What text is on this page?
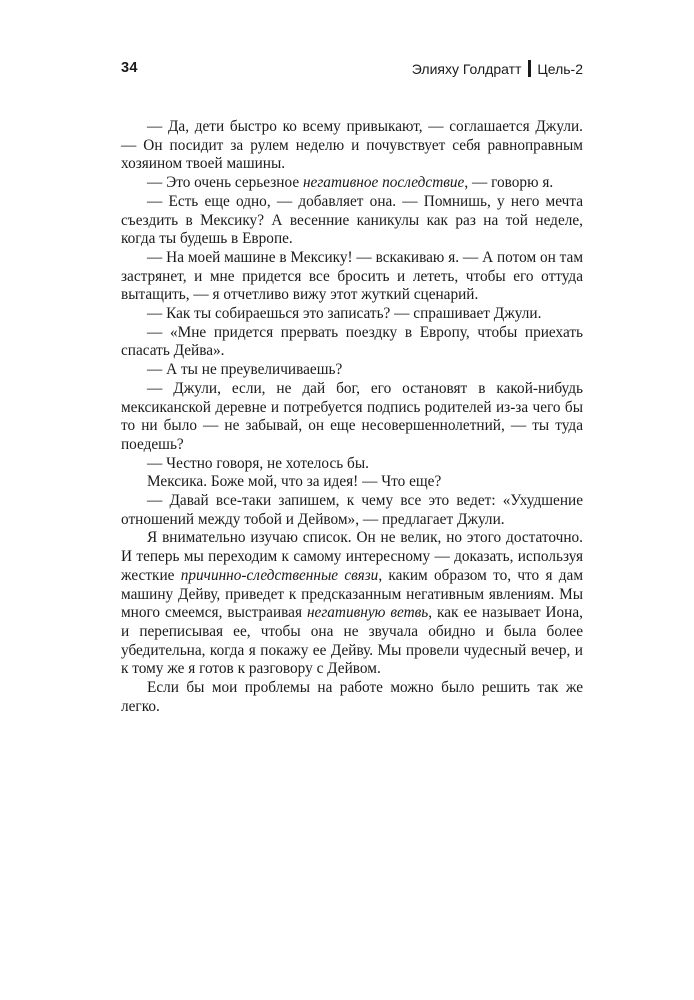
34	Элияху Голдратт Цель-2

— Да, дети быстро ко всему привыкают, — соглашается Джули. — Он посидит за рулем неделю и почувствует себя равноправным хозяином твоей машины.

— Это очень серьезное негативное последствие, — говорю я.

— Есть еще одно, — добавляет она. — Помнишь, у него мечта съездить в Мексику? А весенние каникулы как раз на той неделе, когда ты будешь в Европе.

— На моей машине в Мексику! — вскакиваю я. — А потом он там застрянет, и мне придется все бросить и лететь, чтобы его оттуда вытащить, — я отчетливо вижу этот жуткий сценарий.

— Как ты собираешься это записать? — спрашивает Джули.

— «Мне придется прервать поездку в Европу, чтобы приехать спасать Дейва».

— А ты не преувеличиваешь?

— Джули, если, не дай бог, его остановят в какой-нибудь мексиканской деревне и потребуется подпись родителей из-за чего бы то ни было — не забывай, он еще несовершеннолетний, — ты туда поедешь?

— Честно говоря, не хотелось бы.

Мексика. Боже мой, что за идея! — Что еще?

— Давай все-таки запишем, к чему все это ведет: «Ухудшение отношений между тобой и Дейвом», — предлагает Джули.

Я внимательно изучаю список. Он не велик, но этого достаточно. И теперь мы переходим к самому интересному — доказать, используя жесткие причинно-следственные связи, каким образом то, что я дам машину Дейву, приведет к предсказанным негативным явлениям. Мы много смеемся, выстраивая негативную ветвь, как ее называет Иона, и переписывая ее, чтобы она не звучала обидно и была более убедительна, когда я покажу ее Дейву. Мы провели чудесный вечер, и к тому же я готов к разговору с Дейвом.

Если бы мои проблемы на работе можно было решить так же легко.
